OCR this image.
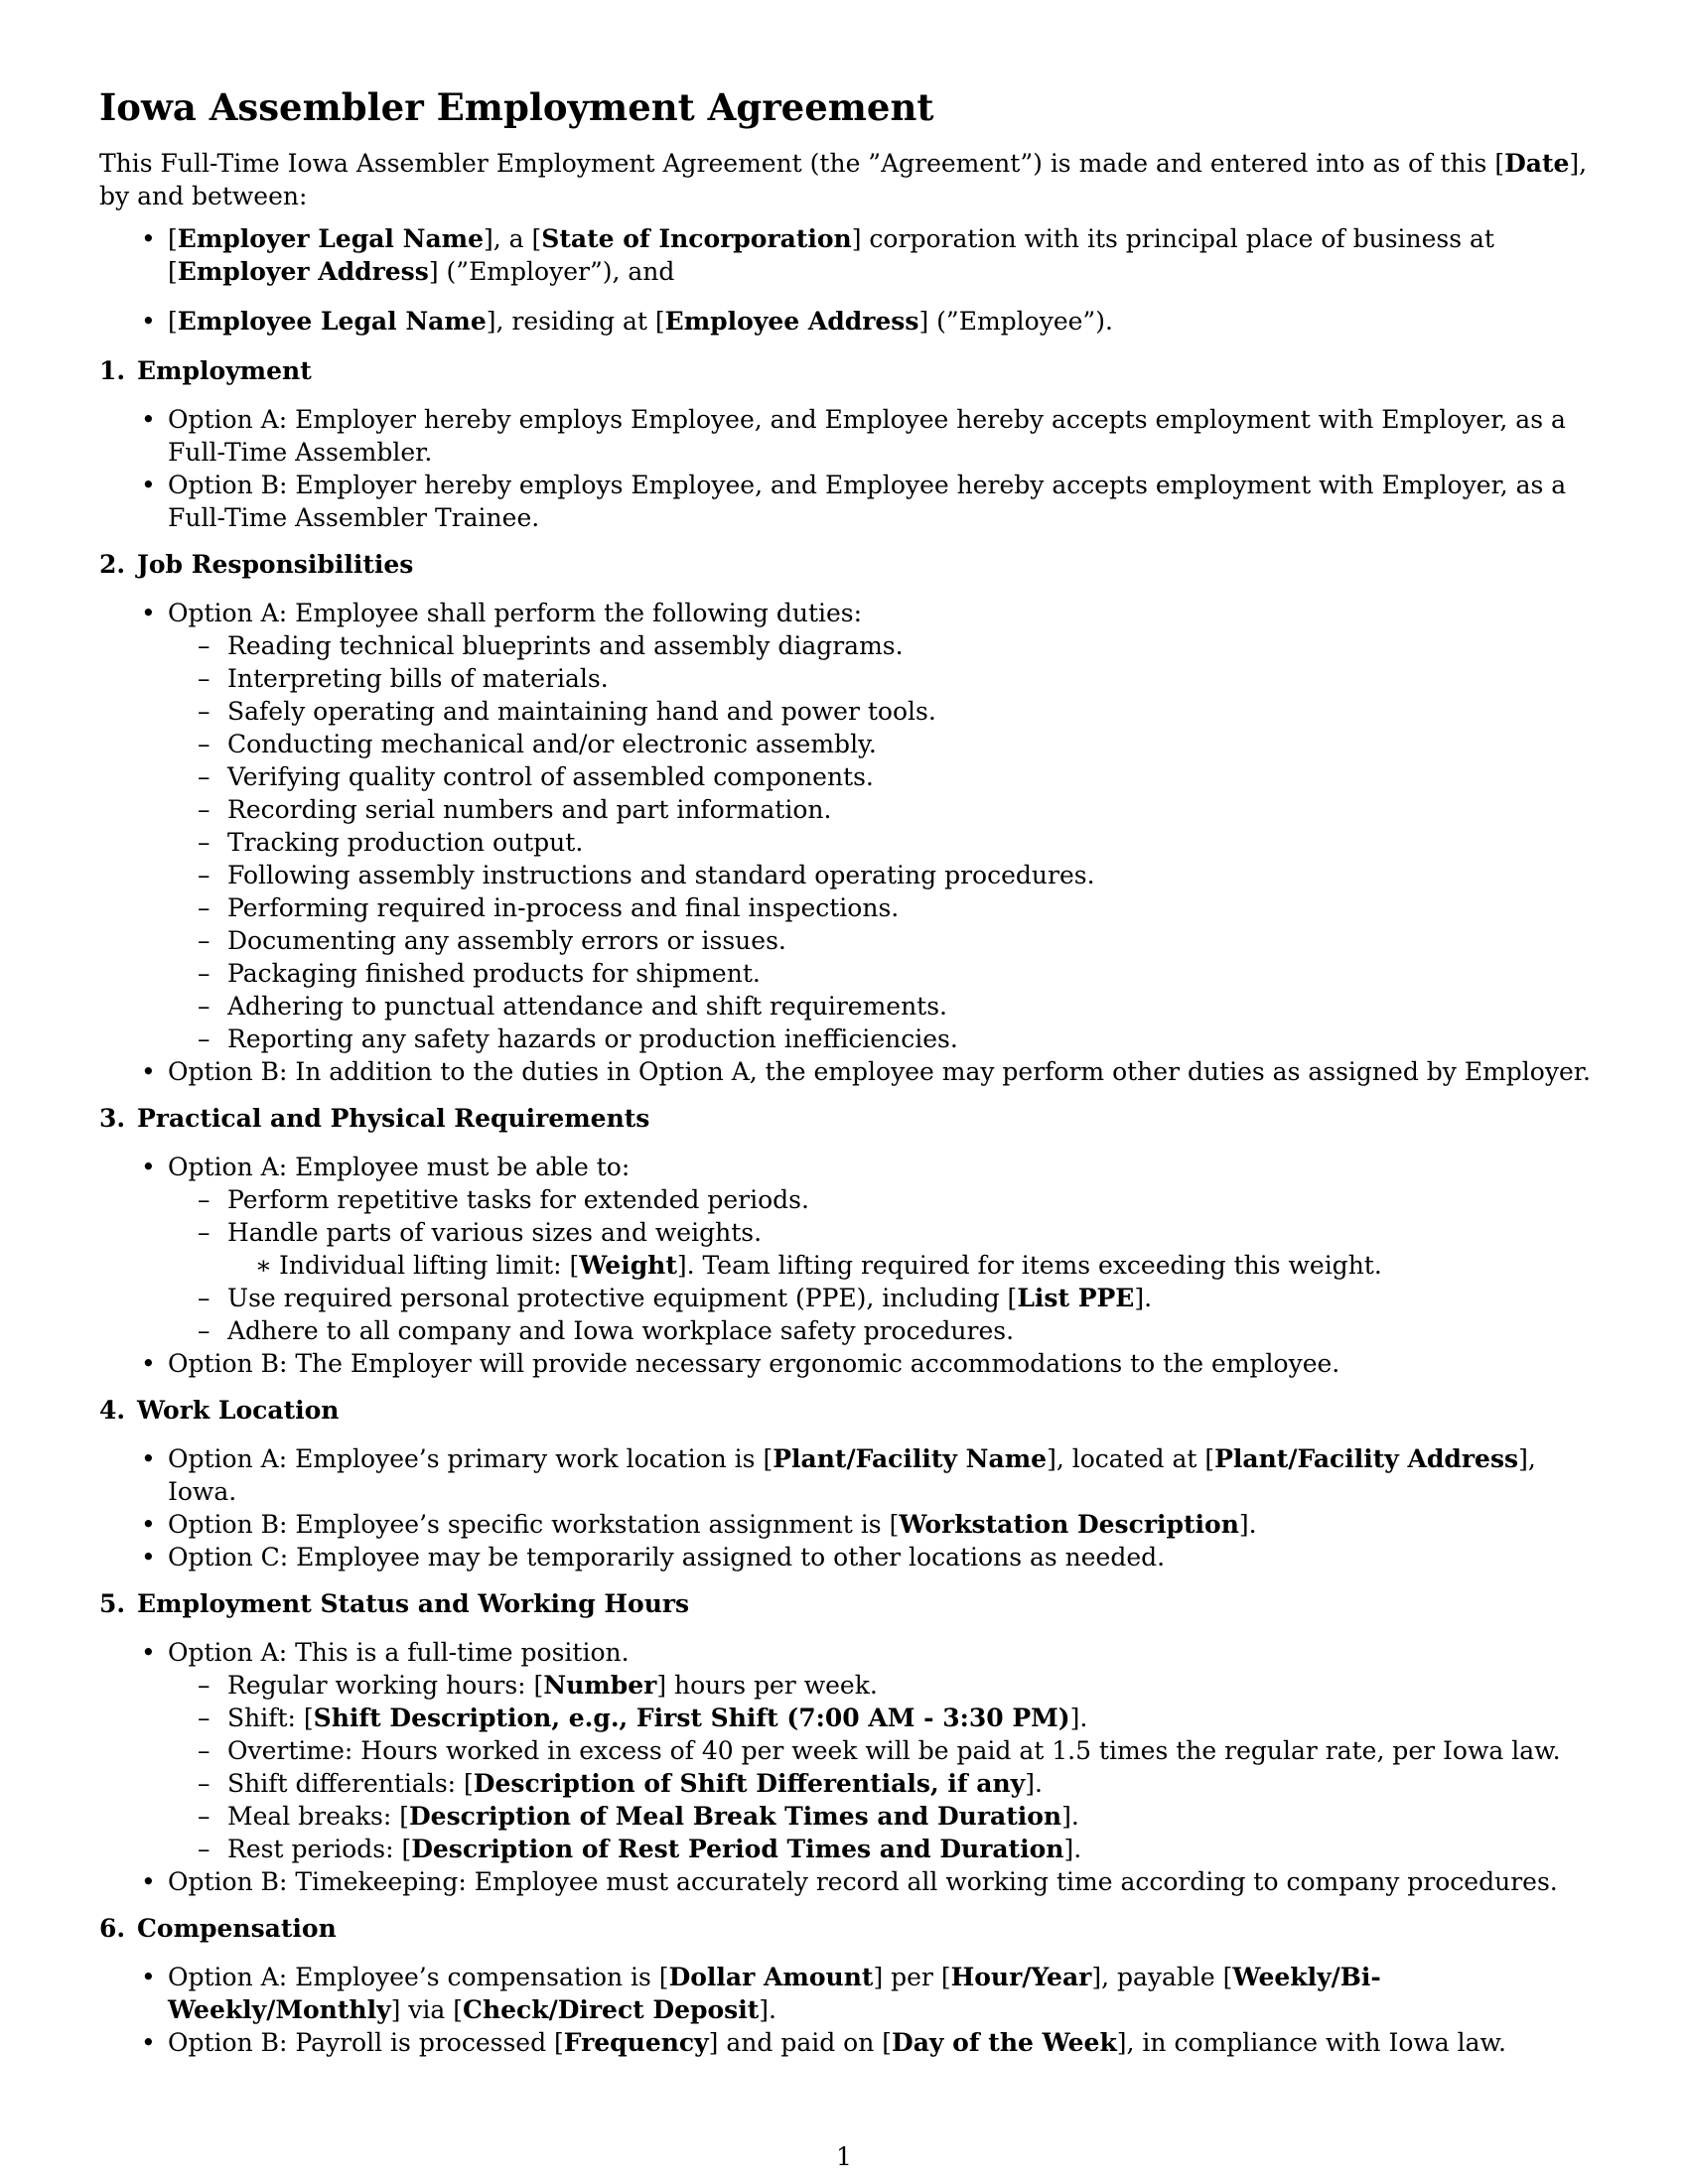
Iowa Assembler Employment Agreement

This Full-Time Iowa Assembler Employment Agreement (the ”Agreement”) is made and entered into as of this [Date], by and between:

• [Employer Legal Name], a [State of Incorporation] corporation with its principal place of business at [Employer Address] (”Employer”), and
• [Employee Legal Name], residing at [Employee Address] (”Employee”).
1. Employment
• Option A: Employer hereby employs Employee, and Employee hereby accepts employment with Employer, as a Full-Time Assembler.
• Option B: Employer hereby employs Employee, and Employee hereby accepts employment with Employer, as a Full-Time Assembler Trainee.
2. Job Responsibilities
• Option A: Employee shall perform the following duties:
– Reading technical blueprints and assembly diagrams.
– Interpreting bills of materials.
– Safely operating and maintaining hand and power tools.
– Conducting mechanical and/or electronic assembly.
– Verifying quality control of assembled components.
– Recording serial numbers and part information.
– Tracking production output.
– Following assembly instructions and standard operating procedures.
– Performing required in-process and final inspections.
– Documenting any assembly errors or issues.
– Packaging finished products for shipment.
– Adhering to punctual attendance and shift requirements.
– Reporting any safety hazards or production inefficiencies.
• Option B: In addition to the duties in Option A, the employee may perform other duties as assigned by Employer.
3. Practical and Physical Requirements
• Option A: Employee must be able to:
– Perform repetitive tasks for extended periods.
– Handle parts of various sizes and weights.
∗ Individual lifting limit: [Weight]. Team lifting required for items exceeding this weight.
– Use required personal protective equipment (PPE), including [List PPE].
– Adhere to all company and Iowa workplace safety procedures.
• Option B: The Employer will provide necessary ergonomic accommodations to the employee.
4. Work Location
• Option A: Employee’s primary work location is [Plant/Facility Name], located at [Plant/Facility Address], Iowa.
• Option B: Employee’s specific workstation assignment is [Workstation Description].
• Option C: Employee may be temporarily assigned to other locations as needed.
5. Employment Status and Working Hours
• Option A: This is a full-time position.
– Regular working hours: [Number] hours per week.
– Shift: [Shift Description, e.g., First Shift (7:00 AM - 3:30 PM)].
– Overtime: Hours worked in excess of 40 per week will be paid at 1.5 times the regular rate, per Iowa law.
– Shift differentials: [Description of Shift Differentials, if any].
– Meal breaks: [Description of Meal Break Times and Duration].
– Rest periods: [Description of Rest Period Times and Duration].
• Option B: Timekeeping: Employee must accurately record all working time according to company procedures.
6. Compensation
• Option A: Employee’s compensation is [Dollar Amount] per [Hour/Year], payable [Weekly/Bi-Weekly/Monthly] via [Check/Direct Deposit].
• Option B: Payroll is processed [Frequency] and paid on [Day of the Week], in compliance with Iowa law.
1
